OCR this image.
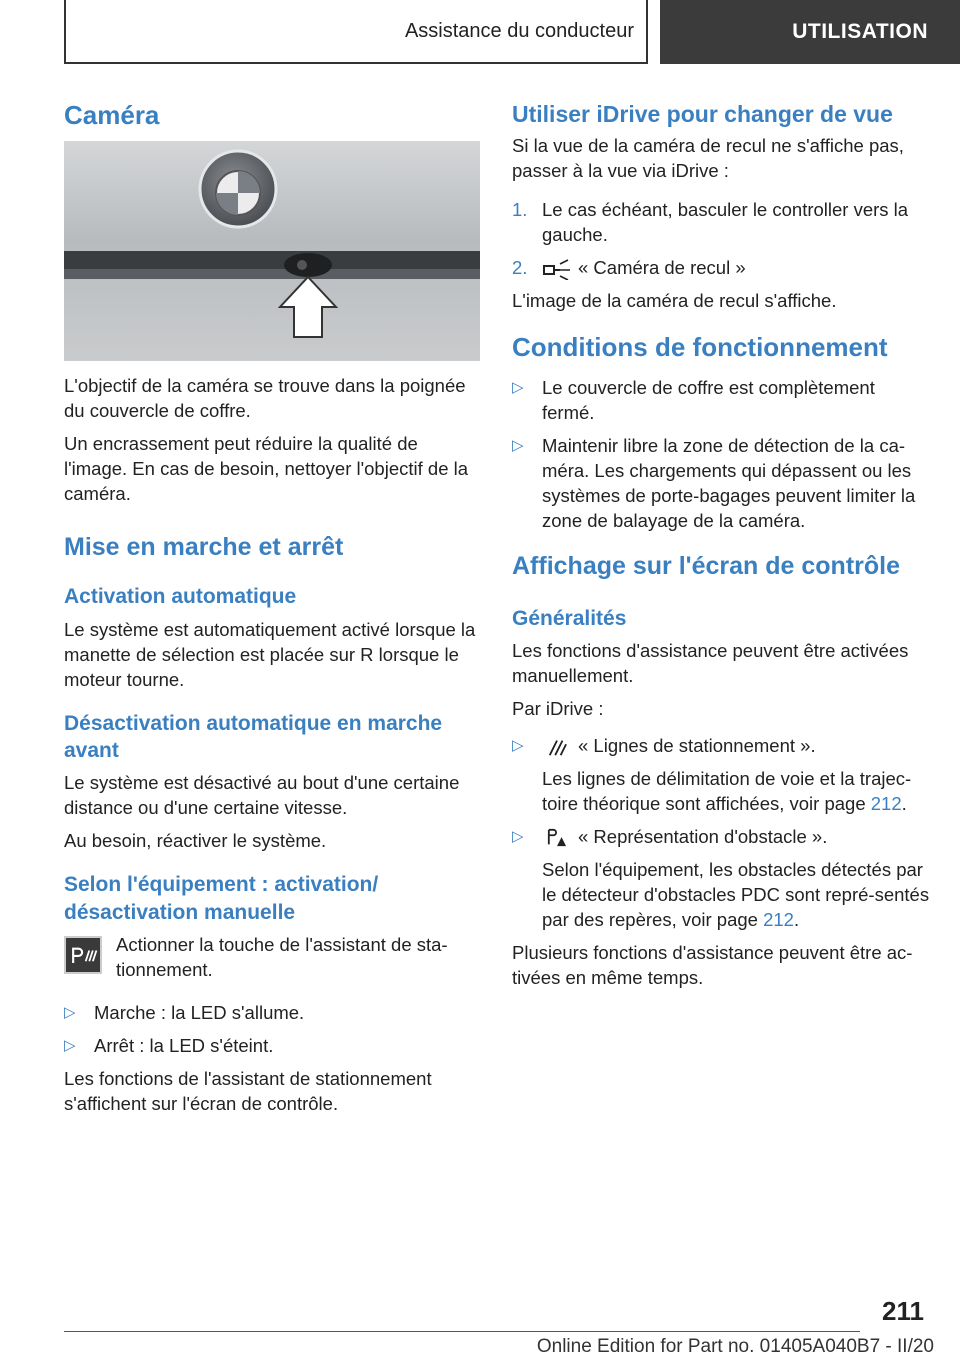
Assistance du conducteur	UTILISATION
Caméra

L'objectif de la caméra se trouve dans la poignée du couvercle de coffre.

Un encrassement peut réduire la qualité de l'image. En cas de besoin, nettoyer l'objectif de la caméra.

Mise en marche et arrêt
Activation automatique

Le système est automatiquement activé lorsque la manette de sélection est placée sur R lorsque le moteur tourne.

Désactivation automatique en marche avant

Le système est désactivé au bout d'une certaine distance ou d'une certaine vitesse.

Au besoin, réactiver le système.

Selon l'équipement : activation/ désactivation manuelle

Actionner la touche de l'assistant de sta-tionnement.

▷ Marche : la LED s'allume.
▷ Arrêt : la LED s'éteint.

Les fonctions de l'assistant de stationnement s'affichent sur l'écran de contrôle.

Utiliser iDrive pour changer de vue

Si la vue de la caméra de recul ne s'affiche pas, passer à la vue via iDrive :

1. Le cas échéant, basculer le controller vers la gauche.
2.	« Caméra de recul »

L'image de la caméra de recul s'affiche.

Conditions de fonctionnement
▷ Le couvercle de coffre est complètement fermé.
▷ Maintenir libre la zone de détection de la ca-méra. Les chargements qui dépassent ou les systèmes de porte-bagages peuvent limiter la zone de balayage de la caméra.
Affichage sur l'écran de contrôle
Généralités

Les fonctions d'assistance peuvent être activées manuellement.

Par iDrive :

▷	« Lignes de stationnement ».
Les lignes de délimitation de voie et la trajec-toire théorique sont affichées, voir page 212.
▷	« Représentation d'obstacle ».
Selon l'équipement, les obstacles détectés par le détecteur d'obstacles PDC sont repré-sentés par des repères, voir page 212.

Plusieurs fonctions d'assistance peuvent être ac-tivées en même temps.

211
Online Edition for Part no. 01405A040B7 - II/20
